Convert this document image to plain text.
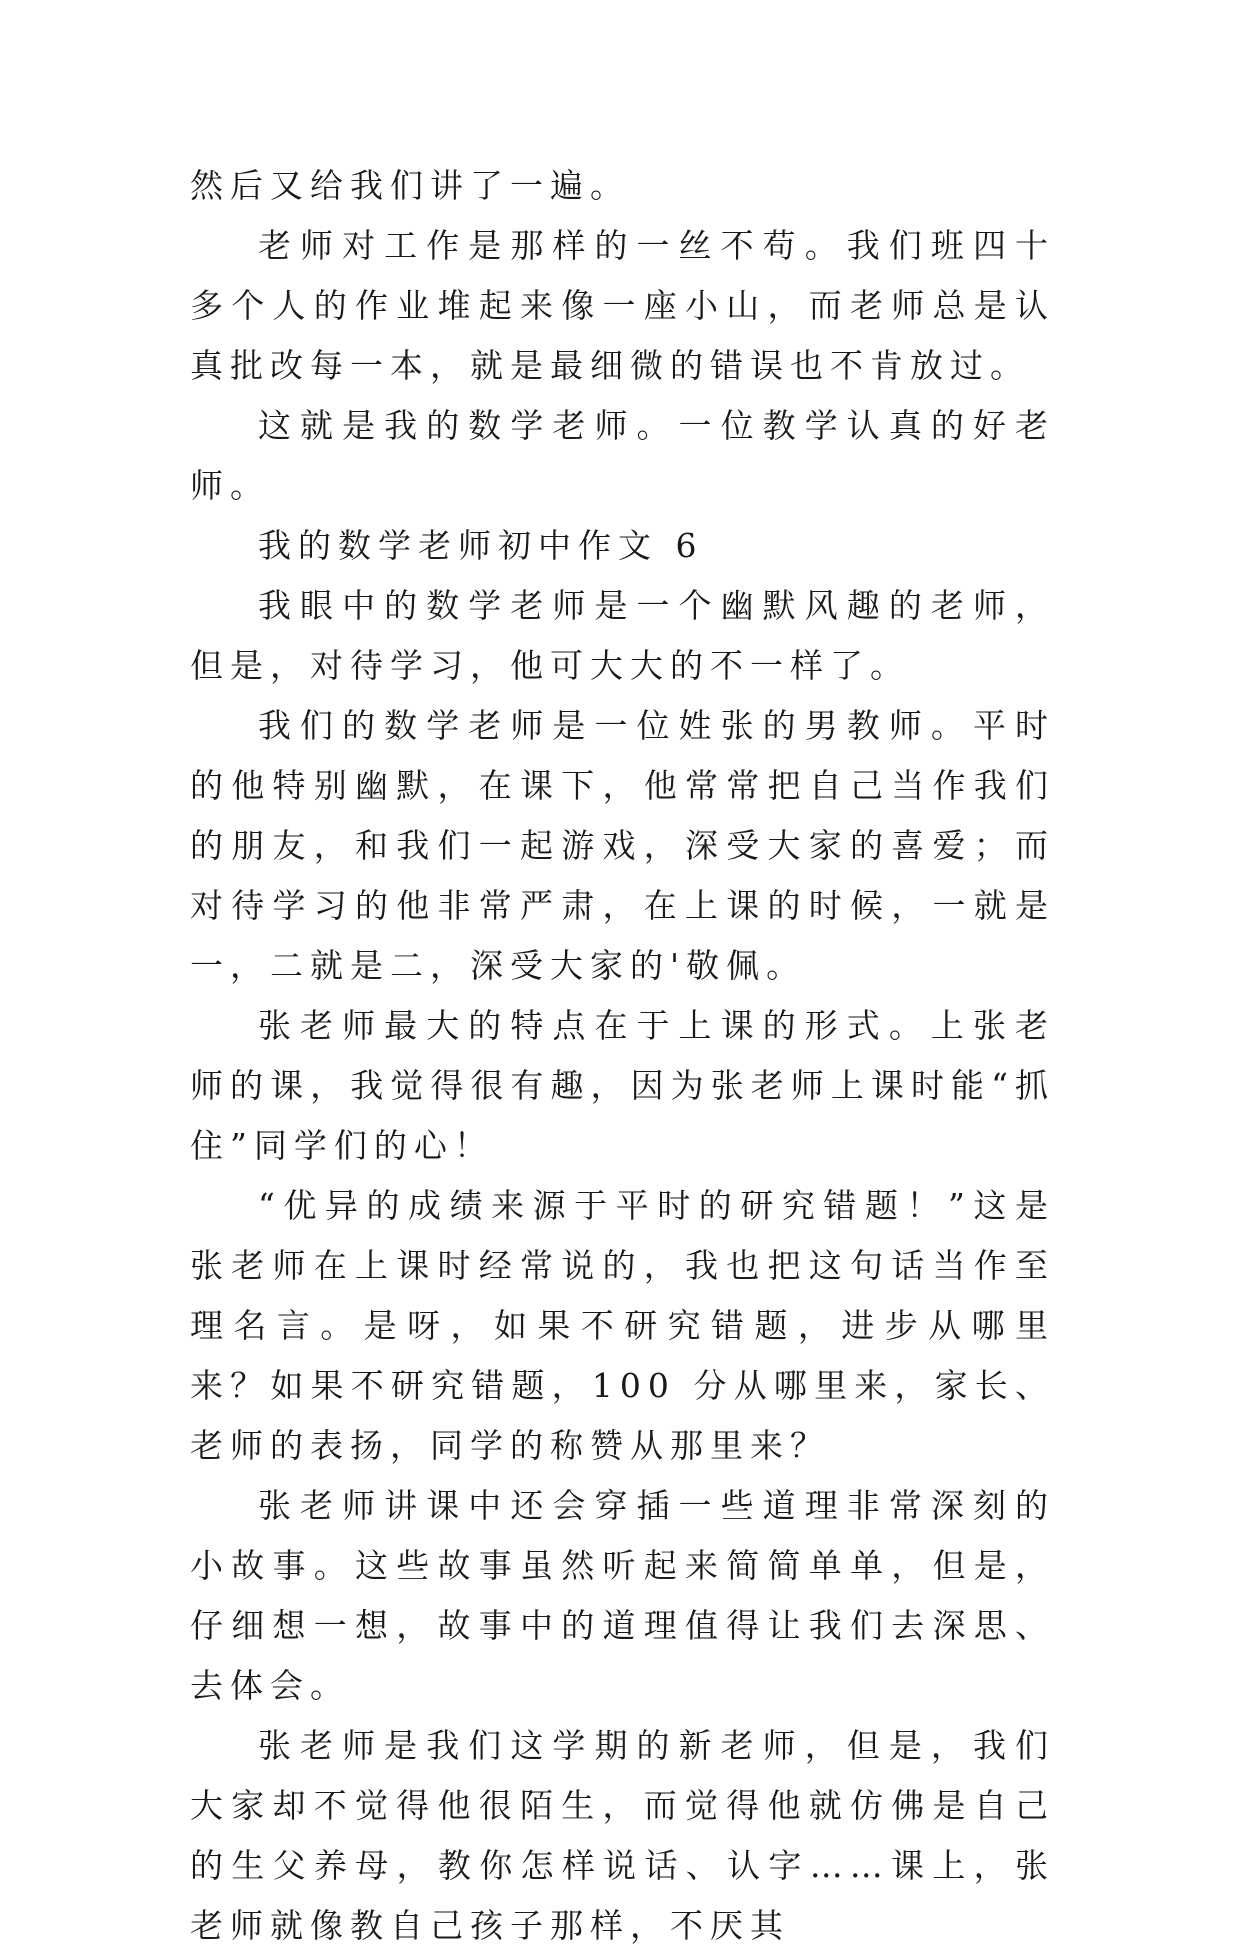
然后又给我们讲了一遍。

老师对工作是那样的一丝不苟。我们班四十多个人的作业堆起来像一座小山，而老师总是认真批改每一本，就是最细微的错误也不肯放过。

这就是我的数学老师。一位教学认真的好老师。

我的数学老师初中作文 6

我眼中的数学老师是一个幽默风趣的老师，但是，对待学习，他可大大的不一样了。

我们的数学老师是一位姓张的男教师。平时的他特别幽默，在课下，他常常把自己当作我们的朋友，和我们一起游戏，深受大家的喜爱；而对待学习的他非常严肃，在上课的时候，一就是一，二就是二，深受大家的'敬佩。

张老师最大的特点在于上课的形式。上张老师的课，我觉得很有趣，因为张老师上课时能“抓住”同学们的心！

“优异的成绩来源于平时的研究错题！”这是张老师在上课时经常说的，我也把这句话当作至理名言。是呀，如果不研究错题，进步从哪里来？如果不研究错题，100 分从哪里来，家长、老师的表扬，同学的称赞从那里来？

张老师讲课中还会穿插一些道理非常深刻的小故事。这些故事虽然听起来简简单单，但是，仔细想一想，故事中的道理值得让我们去深思、去体会。

张老师是我们这学期的新老师，但是，我们大家却不觉得他很陌生，而觉得他就仿佛是自己的生父养母，教你怎样说话、认字……课上，张老师就像教自己孩子那样，不厌其
